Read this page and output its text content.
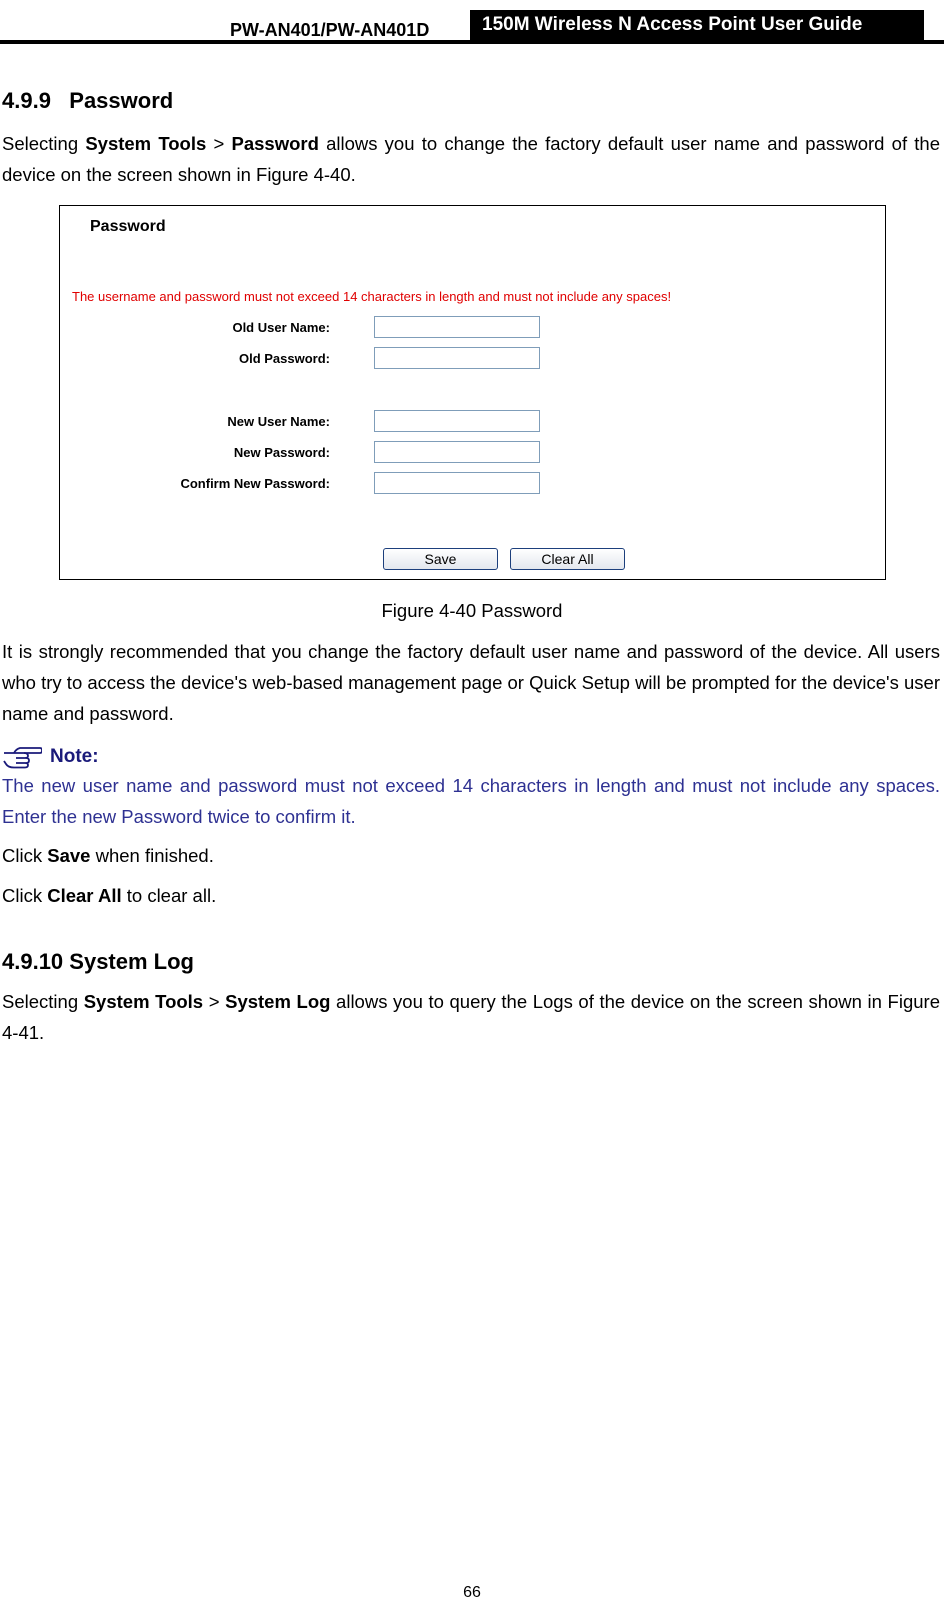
PW-AN401/PW-AN401D	150M Wireless N Access Point User Guide
4.9.9   Password
Selecting System Tools > Password allows you to change the factory default user name and password of the device on the screen shown in Figure 4-40.
Password
The username and password must not exceed 14 characters in length and must not include any spaces!
Old User Name:
Old Password:
New User Name:
New Password:
Confirm New Password:
Save	Clear All
Figure 4-40 Password
It is strongly recommended that you change the factory default user name and password of the device. All users who try to access the device's web-based management page or Quick Setup will be prompted for the device's user name and password.
Note:
The new user name and password must not exceed 14 characters in length and must not include any spaces. Enter the new Password twice to confirm it.
Click Save when finished.
Click Clear All to clear all.
4.9.10 System Log
Selecting System Tools > System Log allows you to query the Logs of the device on the screen shown in Figure 4-41.
66
